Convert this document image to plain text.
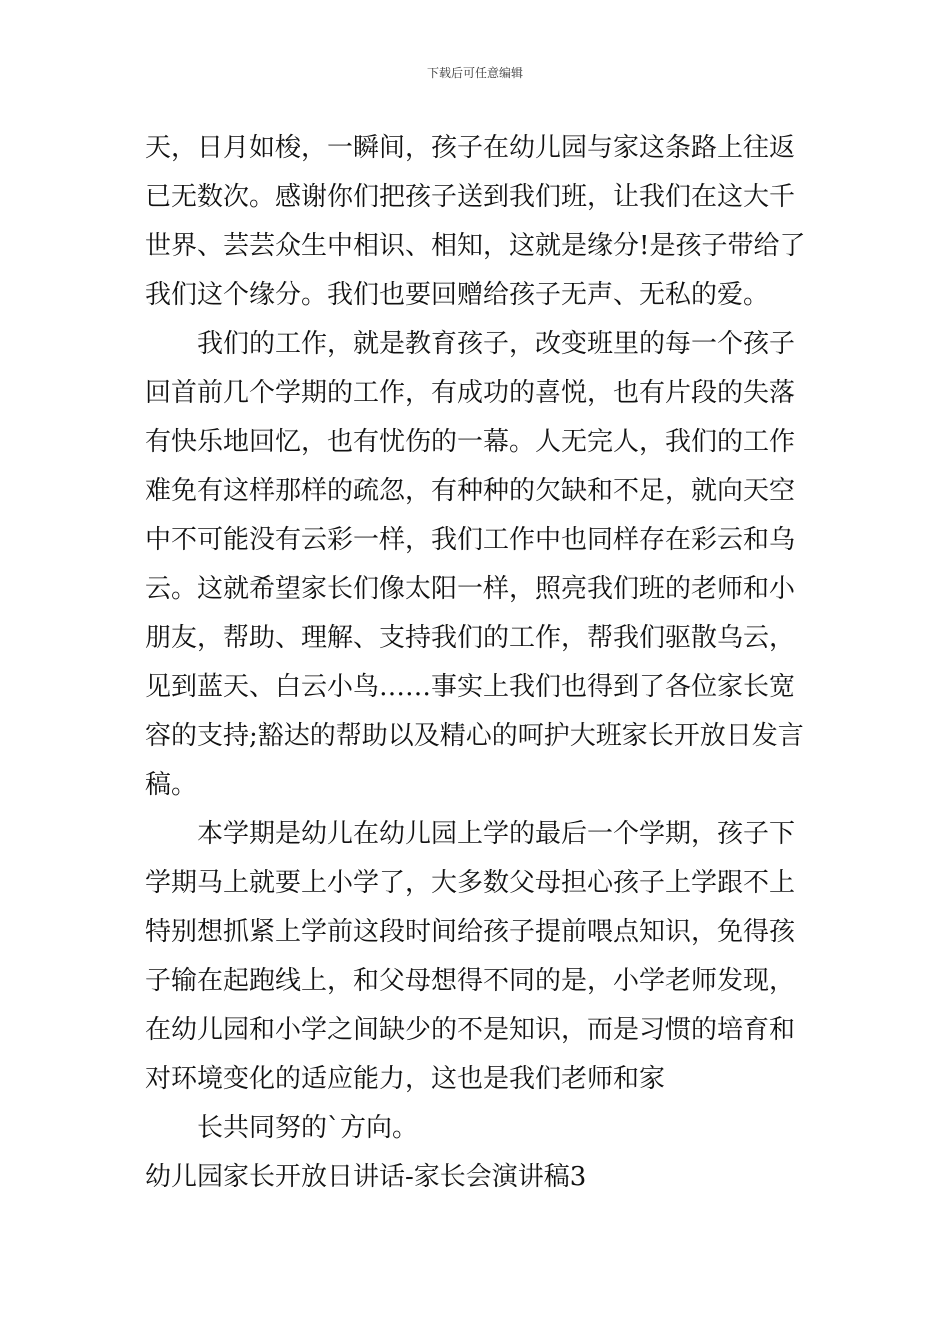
下载后可任意编辑
天，日月如梭，一瞬间，孩子在幼儿园与家这条路上往返
已无数次。感谢你们把孩子送到我们班，让我们在这大千
世界、芸芸众生中相识、相知，这就是缘分!是孩子带给了
我们这个缘分。我们也要回赠给孩子无声、无私的爱。
我们的工作，就是教育孩子，改变班里的每一个孩子
回首前几个学期的工作，有成功的喜悦，也有片段的失落
有快乐地回忆，也有忧伤的一幕。人无完人，我们的工作
难免有这样那样的疏忽，有种种的欠缺和不足，就向天空
中不可能没有云彩一样，我们工作中也同样存在彩云和乌
云。这就希望家长们像太阳一样，照亮我们班的老师和小
朋友，帮助、理解、支持我们的工作，帮我们驱散乌云，
见到蓝天、白云小鸟……事实上我们也得到了各位家长宽
容的支持;豁达的帮助以及精心的呵护大班家长开放日发言
稿。
本学期是幼儿在幼儿园上学的最后一个学期，孩子下
学期马上就要上小学了，大多数父母担心孩子上学跟不上
特别想抓紧上学前这段时间给孩子提前喂点知识，免得孩
子输在起跑线上，和父母想得不同的是，小学老师发现，
在幼儿园和小学之间缺少的不是知识，而是习惯的培育和
对环境变化的适应能力，这也是我们老师和家
长共同努的`方向。
幼儿园家长开放日讲话-家长会演讲稿3
